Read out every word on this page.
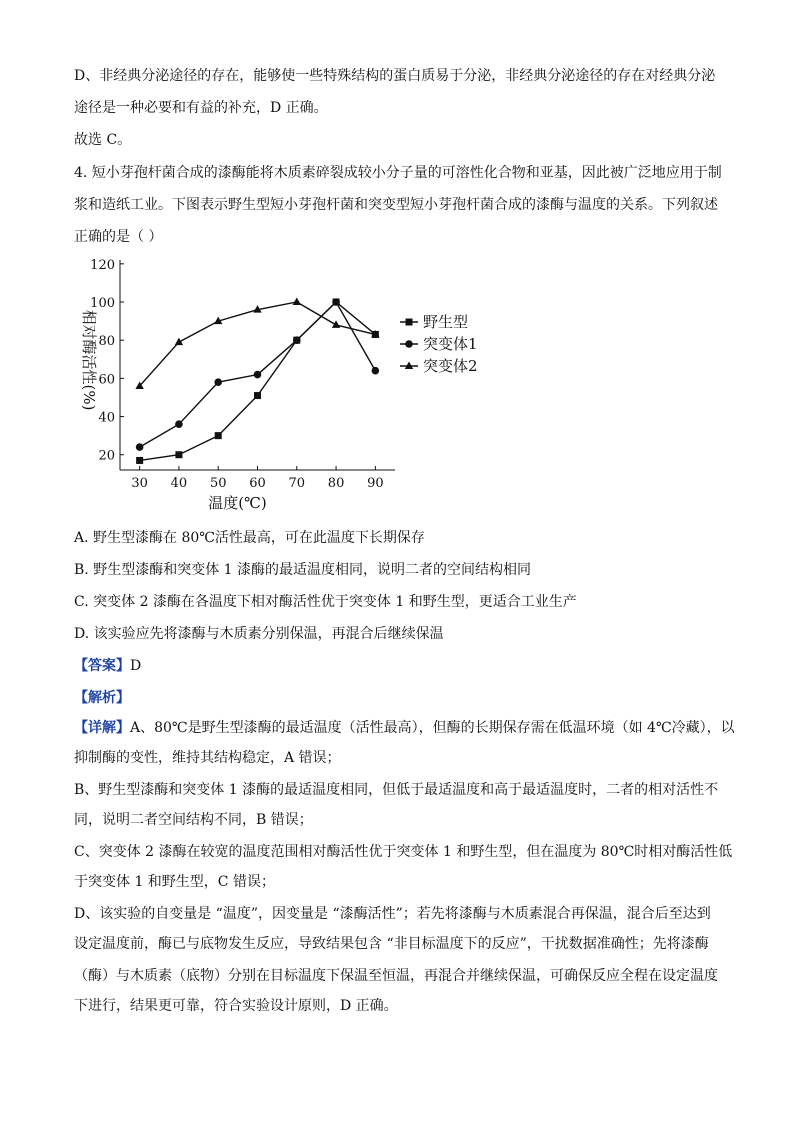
D、非经典分泌途径的存在，能够使一些特殊结构的蛋白质易于分泌，非经典分泌途径的存在对经典分泌
途径是一种必要和有益的补充，D 正确。
故选 C。
4. 短小芽孢杆菌合成的漆酶能将木质素碎裂成较小分子量的可溶性化合物和亚基，因此被广泛地应用于制
浆和造纸工业。下图表示野生型短小芽孢杆菌和突变型短小芽孢杆菌合成的漆酶与温度的关系。下列叙述
正确的是（ ）
20
40
60
80
100
120
30 40 50 60 70 80 90
温度(℃)
相对酶活性(%)	野生型
突变体1
突变体2
A. 野生型漆酶在 80℃活性最高，可在此温度下长期保存
B. 野生型漆酶和突变体 1 漆酶的最适温度相同，说明二者的空间结构相同
C. 突变体 2 漆酶在各温度下相对酶活性优于突变体 1 和野生型，更适合工业生产
D. 该实验应先将漆酶与木质素分别保温，再混合后继续保温
【答案】D
【解析】
【详解】A、80℃是野生型漆酶的最适温度（活性最高），但酶的长期保存需在低温环境（如 4℃冷藏），以
抑制酶的变性，维持其结构稳定，A 错误；
B、野生型漆酶和突变体 1 漆酶的最适温度相同，但低于最适温度和高于最适温度时，二者的相对活性不
同，说明二者空间结构不同，B 错误；
C、突变体 2 漆酶在较宽的温度范围相对酶活性优于突变体 1 和野生型，但在温度为 80℃时相对酶活性低
于突变体 1 和野生型，C 错误；
D、该实验的自变量是 “温度”，因变量是 “漆酶活性”；若先将漆酶与木质素混合再保温，混合后至达到
设定温度前，酶已与底物发生反应，导致结果包含 “非目标温度下的反应”，干扰数据准确性；先将漆酶
（酶）与木质素（底物）分别在目标温度下保温至恒温，再混合并继续保温，可确保反应全程在设定温度
下进行，结果更可靠，符合实验设计原则，D 正确。
